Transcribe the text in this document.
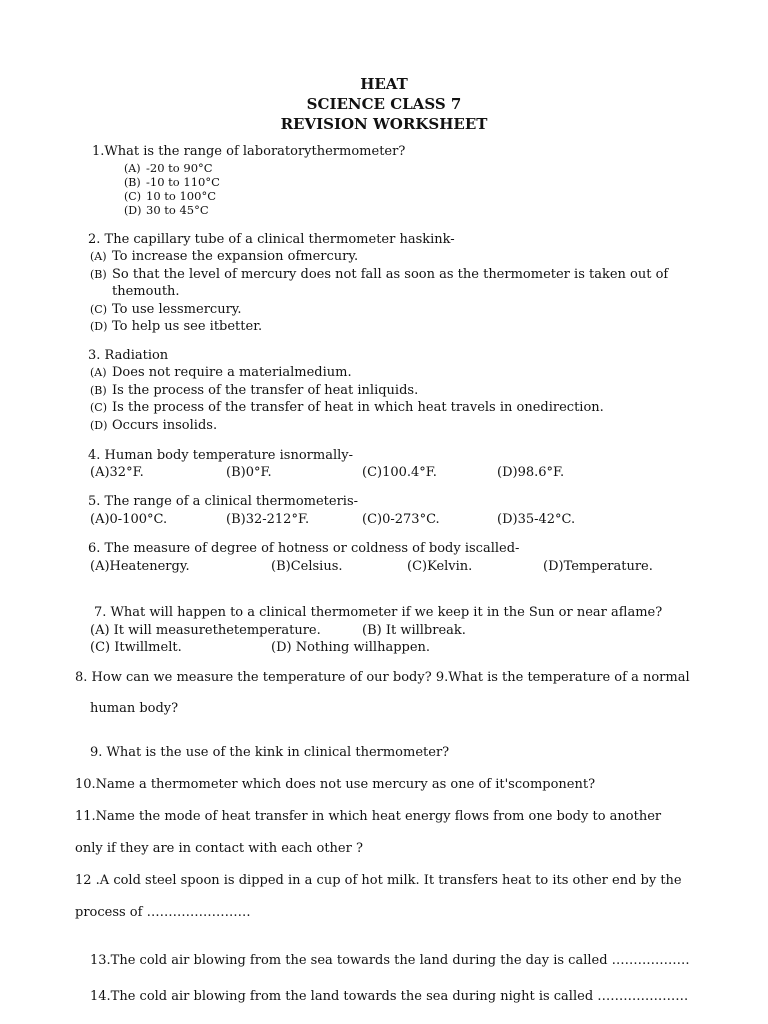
HEAT
SCIENCE CLASS 7
REVISION WORKSHEET
1.What is the range of laboratorythermometer?
(A) -20 to 90°C
(B) -10 to 110°C
(C) 10 to 100°C
(D) 30 to 45°C
2. The capillary tube of a clinical thermometer haskink-
(A) To increase the expansion ofmercury.
(B) So that the level of mercury does not fall as soon as the thermometer is taken out of
themouth.
(C) To use lessmercury.
(D) To help us see itbetter.
3. Radiation
(A) Does not require a materialmedium.
(B) Is the process of the transfer of heat inliquids.
(C) Is the process of the transfer of heat in which heat travels in onedirection.
(D) Occurs insolids.
4. Human body temperature isnormally-
(A)32°F.	(B)0°F.	(C)100.4°F.	(D)98.6°F.
5. The range of a clinical thermometeris-
(A)0-100°C.	(B)32-212°F.	(C)0-273°C.	(D)35-42°C.
6. The measure of degree of hotness or coldness of body iscalled-
(A)Heatenergy.	(B)Celsius.	(C)Kelvin.	(D)Temperature.
7. What will happen to a clinical thermometer if we keep it in the Sun or near aflame?
(A) It will measurethetemperature.	(B) It willbreak.
(C) Itwillmelt.	(D) Nothing willhappen.
8. How can we measure the temperature of our body? 9.What is the temperature of a normal
human body?
9. What is the use of the kink in clinical thermometer?
10.Name a thermometer which does not use mercury as one of it'scomponent?
11.Name the mode of heat transfer in which heat energy flows from one body to another
only if they are in contact with each other ?
12 .A cold steel spoon is dipped in a cup of hot milk. It transfers heat to its other end by the
process of ……………………
13.The cold air blowing from the sea towards the land during the day is called ………………
14.The cold air blowing from the land towards the sea during night is called …………………
